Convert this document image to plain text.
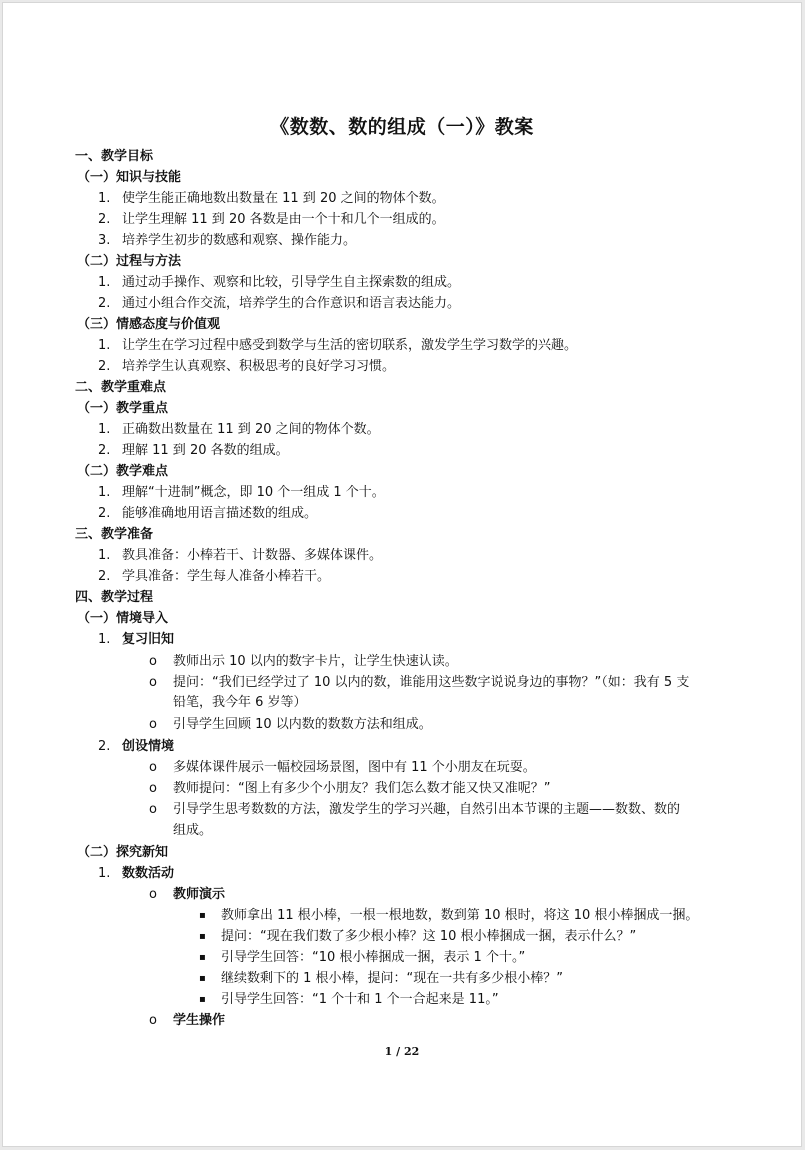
《数数、数的组成（一）》教案
一、教学目标
（一）知识与技能
1. 使学生能正确地数出数量在 11 到 20 之间的物体个数。
2. 让学生理解 11 到 20 各数是由一个十和几个一组成的。
3. 培养学生初步的数感和观察、操作能力。
（二）过程与方法
1. 通过动手操作、观察和比较，引导学生自主探索数的组成。
2. 通过小组合作交流，培养学生的合作意识和语言表达能力。
（三）情感态度与价值观
1. 让学生在学习过程中感受到数学与生活的密切联系，激发学生学习数学的兴趣。
2. 培养学生认真观察、积极思考的良好学习习惯。
二、教学重难点
（一）教学重点
1. 正确数出数量在 11 到 20 之间的物体个数。
2. 理解 11 到 20 各数的组成。
（二）教学难点
1. 理解“十进制”概念，即 10 个一组成 1 个十。
2. 能够准确地用语言描述数的组成。
三、教学准备
1. 教具准备：小棒若干、计数器、多媒体课件。
2. 学具准备：学生每人准备小棒若干。
四、教学过程
（一）情境导入
1. 复习旧知
o 教师出示 10 以内的数字卡片，让学生快速认读。
o 提问：“我们已经学过了 10 以内的数，谁能用这些数字说说身边的事物？”（如：我有 5 支
铅笔，我今年 6 岁等）
o 引导学生回顾 10 以内数的数数方法和组成。
2. 创设情境
o 多媒体课件展示一幅校园场景图，图中有 11 个小朋友在玩耍。
o 教师提问：“图上有多少个小朋友？我们怎么数才能又快又准呢？”
o 引导学生思考数数的方法，激发学生的学习兴趣，自然引出本节课的主题——数数、数的
组成。
（二）探究新知
1. 数数活动
o 教师演示
▪ 教师拿出 11 根小棒，一根一根地数，数到第 10 根时，将这 10 根小棒捆成一捆。
▪ 提问：“现在我们数了多少根小棒？这 10 根小棒捆成一捆，表示什么？”
▪ 引导学生回答：“10 根小棒捆成一捆，表示 1 个十。”
▪ 继续数剩下的 1 根小棒，提问：“现在一共有多少根小棒？”
▪ 引导学生回答：“1 个十和 1 个一合起来是 11。”
o 学生操作
1 / 22
